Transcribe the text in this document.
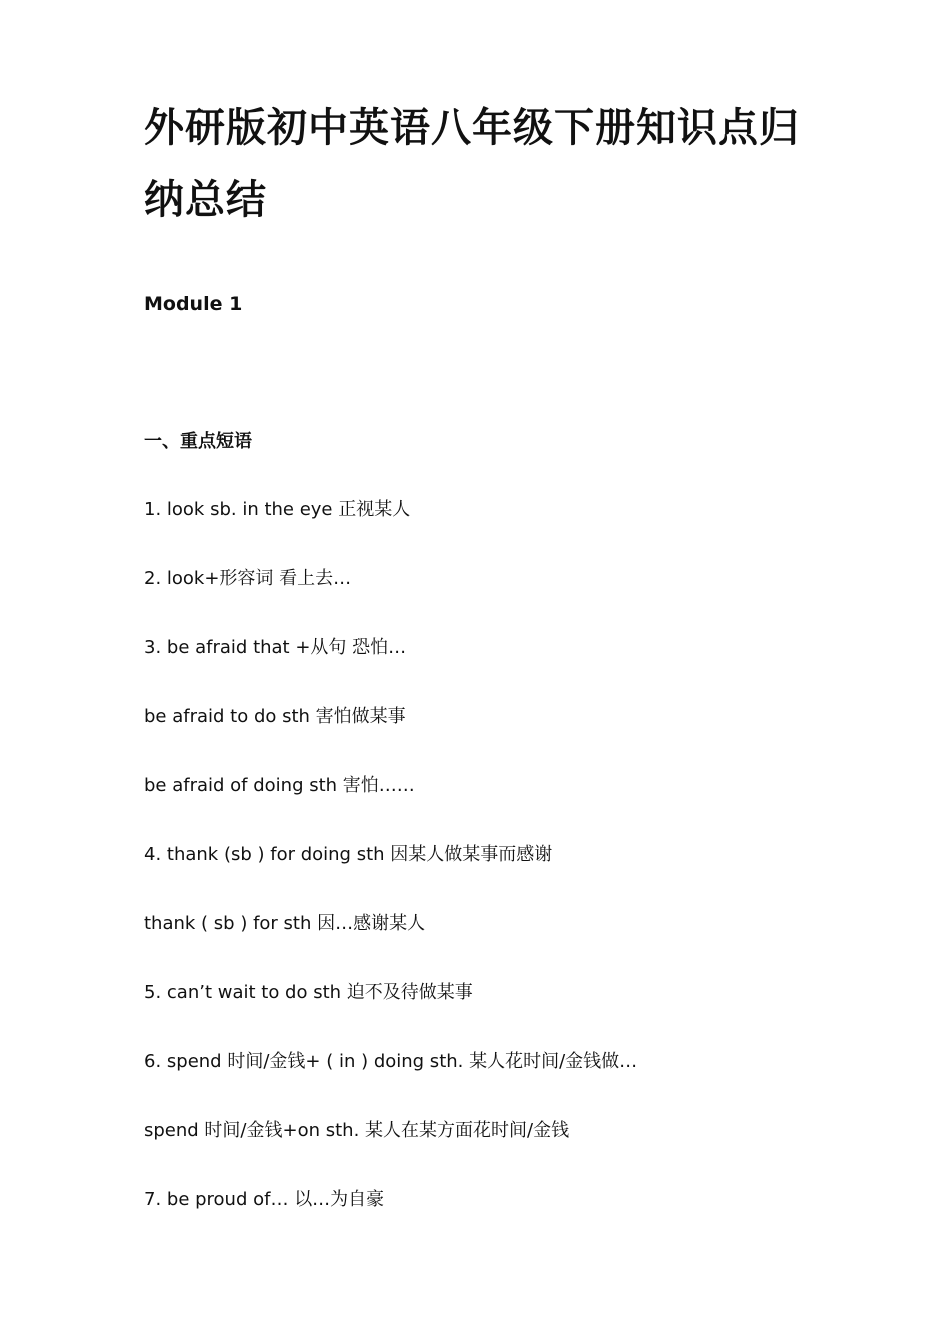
外研版初中英语八年级下册知识点归纳总结
Module 1
一、重点短语

1. look sb. in the eye 正视某人

2. look+形容词 看上去…

3. be afraid that +从句 恐怕…

be afraid to do sth 害怕做某事

be afraid of doing sth 害怕……

4. thank (sb ) for doing sth 因某人做某事而感谢

thank ( sb ) for sth 因…感谢某人

5. can’t wait to do sth 迫不及待做某事

6. spend 时间/金钱+ ( in ) doing sth. 某人花时间/金钱做…

spend 时间/金钱+on sth. 某人在某方面花时间/金钱

7. be proud of… 以…为自豪
